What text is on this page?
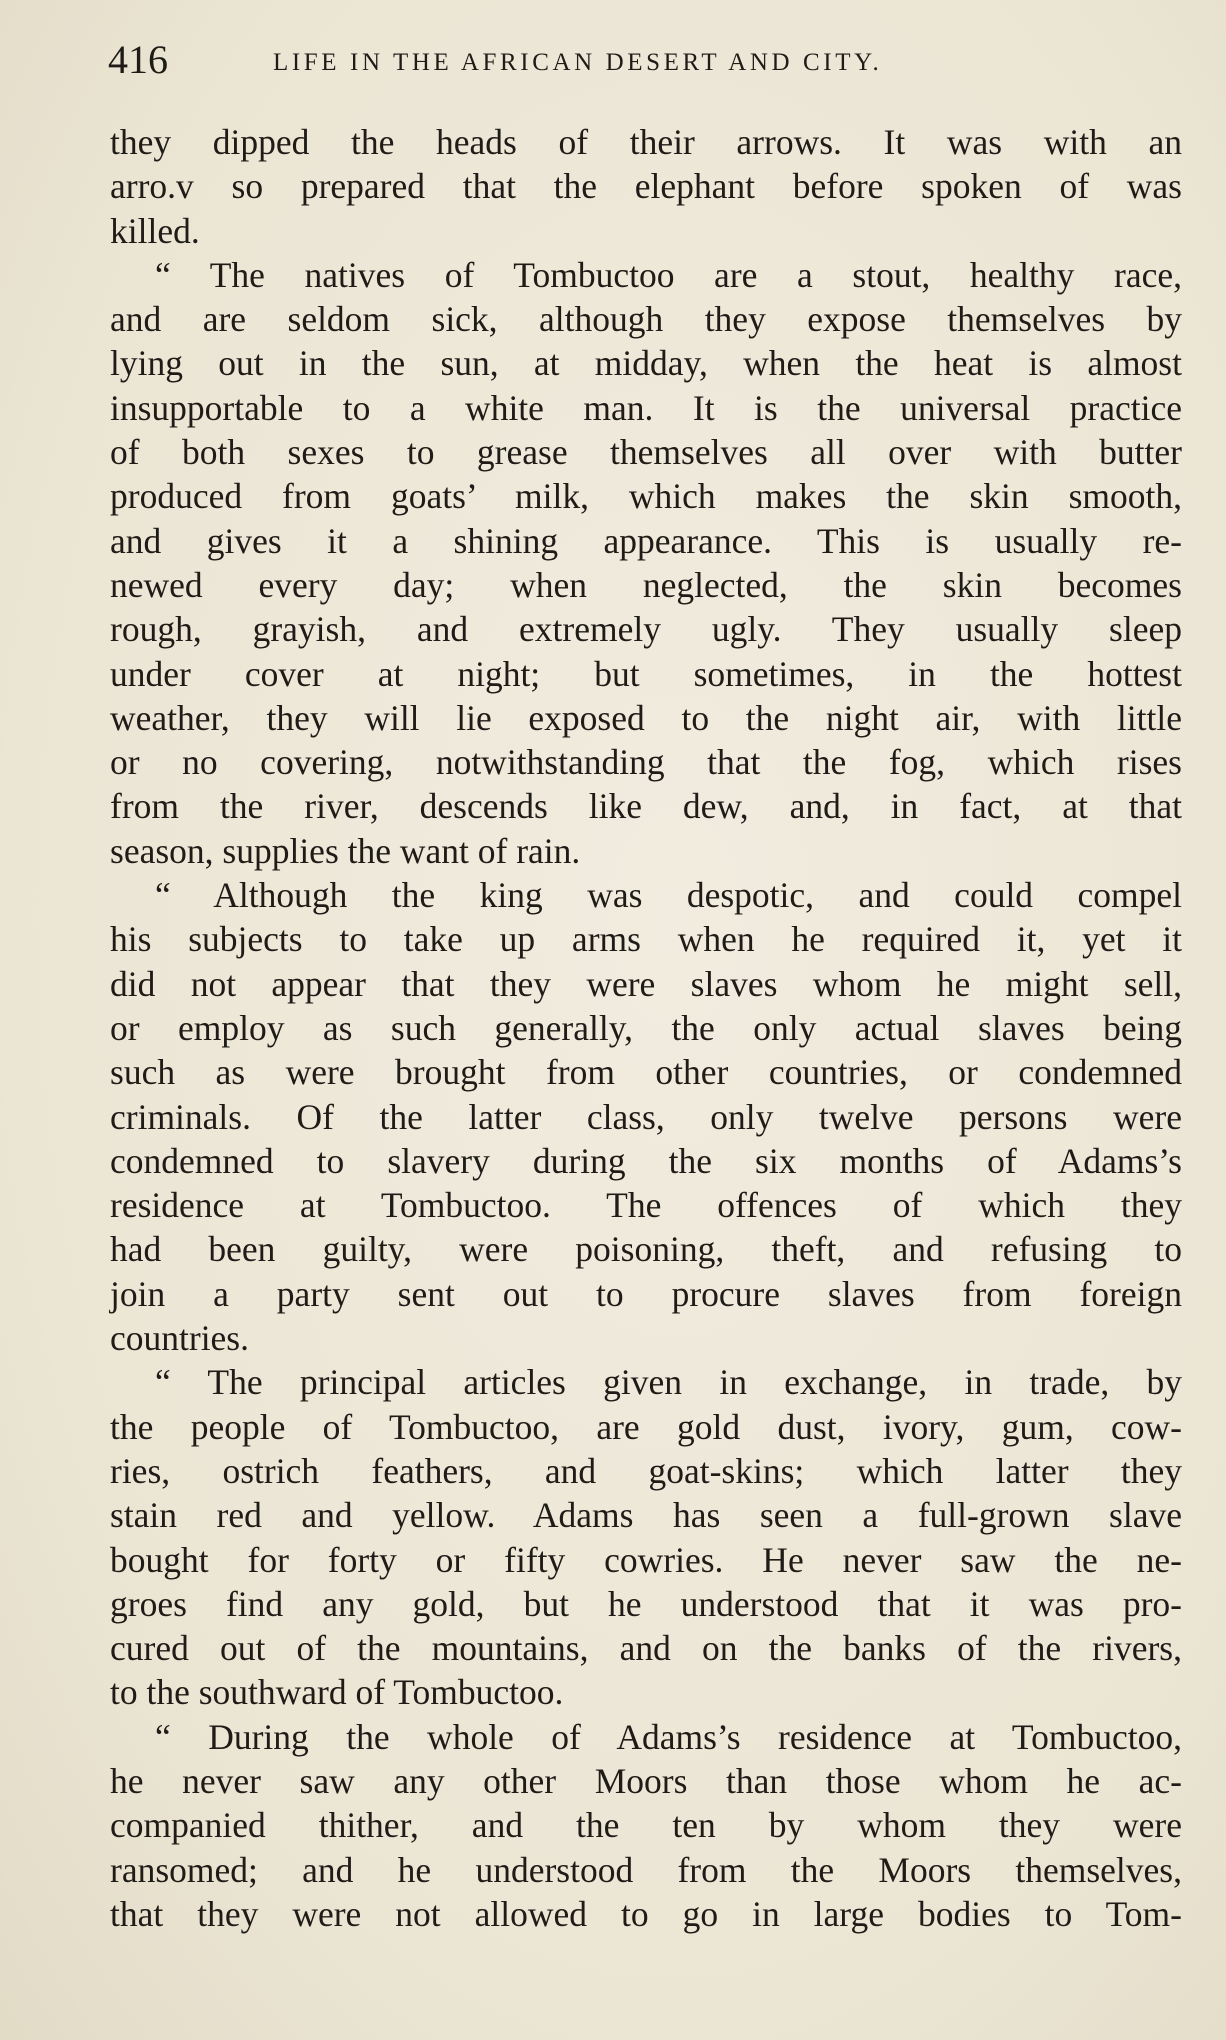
416	LIFE IN THE AFRICAN DESERT AND CITY.
they dipped the heads of their arrows. It was with an
arro.v so prepared that the elephant before spoken of was
killed.
“ The natives of Tombuctoo are a stout, healthy race,
and are seldom sick, although they expose themselves by
lying out in the sun, at midday, when the heat is almost
insupportable to a white man. It is the universal practice
of both sexes to grease themselves all over with butter
produced from goats’ milk, which makes the skin smooth,
and gives it a shining appearance. This is usually re-
newed every day; when neglected, the skin becomes
rough, grayish, and extremely ugly. They usually sleep
under cover at night; but sometimes, in the hottest
weather, they will lie exposed to the night air, with little
or no covering, notwithstanding that the fog, which rises
from the river, descends like dew, and, in fact, at that
season, supplies the want of rain.
“ Although the king was despotic, and could compel
his subjects to take up arms when he required it, yet it
did not appear that they were slaves whom he might sell,
or employ as such generally, the only actual slaves being
such as were brought from other countries, or condemned
criminals. Of the latter class, only twelve persons were
condemned to slavery during the six months of Adams’s
residence at Tombuctoo. The offences of which they
had been guilty, were poisoning, theft, and refusing to
join a party sent out to procure slaves from foreign
countries.
“ The principal articles given in exchange, in trade, by
the people of Tombuctoo, are gold dust, ivory, gum, cow-
ries, ostrich feathers, and goat-skins; which latter they
stain red and yellow. Adams has seen a full-grown slave
bought for forty or fifty cowries. He never saw the ne-
groes find any gold, but he understood that it was pro-
cured out of the mountains, and on the banks of the rivers,
to the southward of Tombuctoo.
“ During the whole of Adams’s residence at Tombuctoo,
he never saw any other Moors than those whom he ac-
companied thither, and the ten by whom they were
ransomed; and he understood from the Moors themselves,
that they were not allowed to go in large bodies to Tom-
